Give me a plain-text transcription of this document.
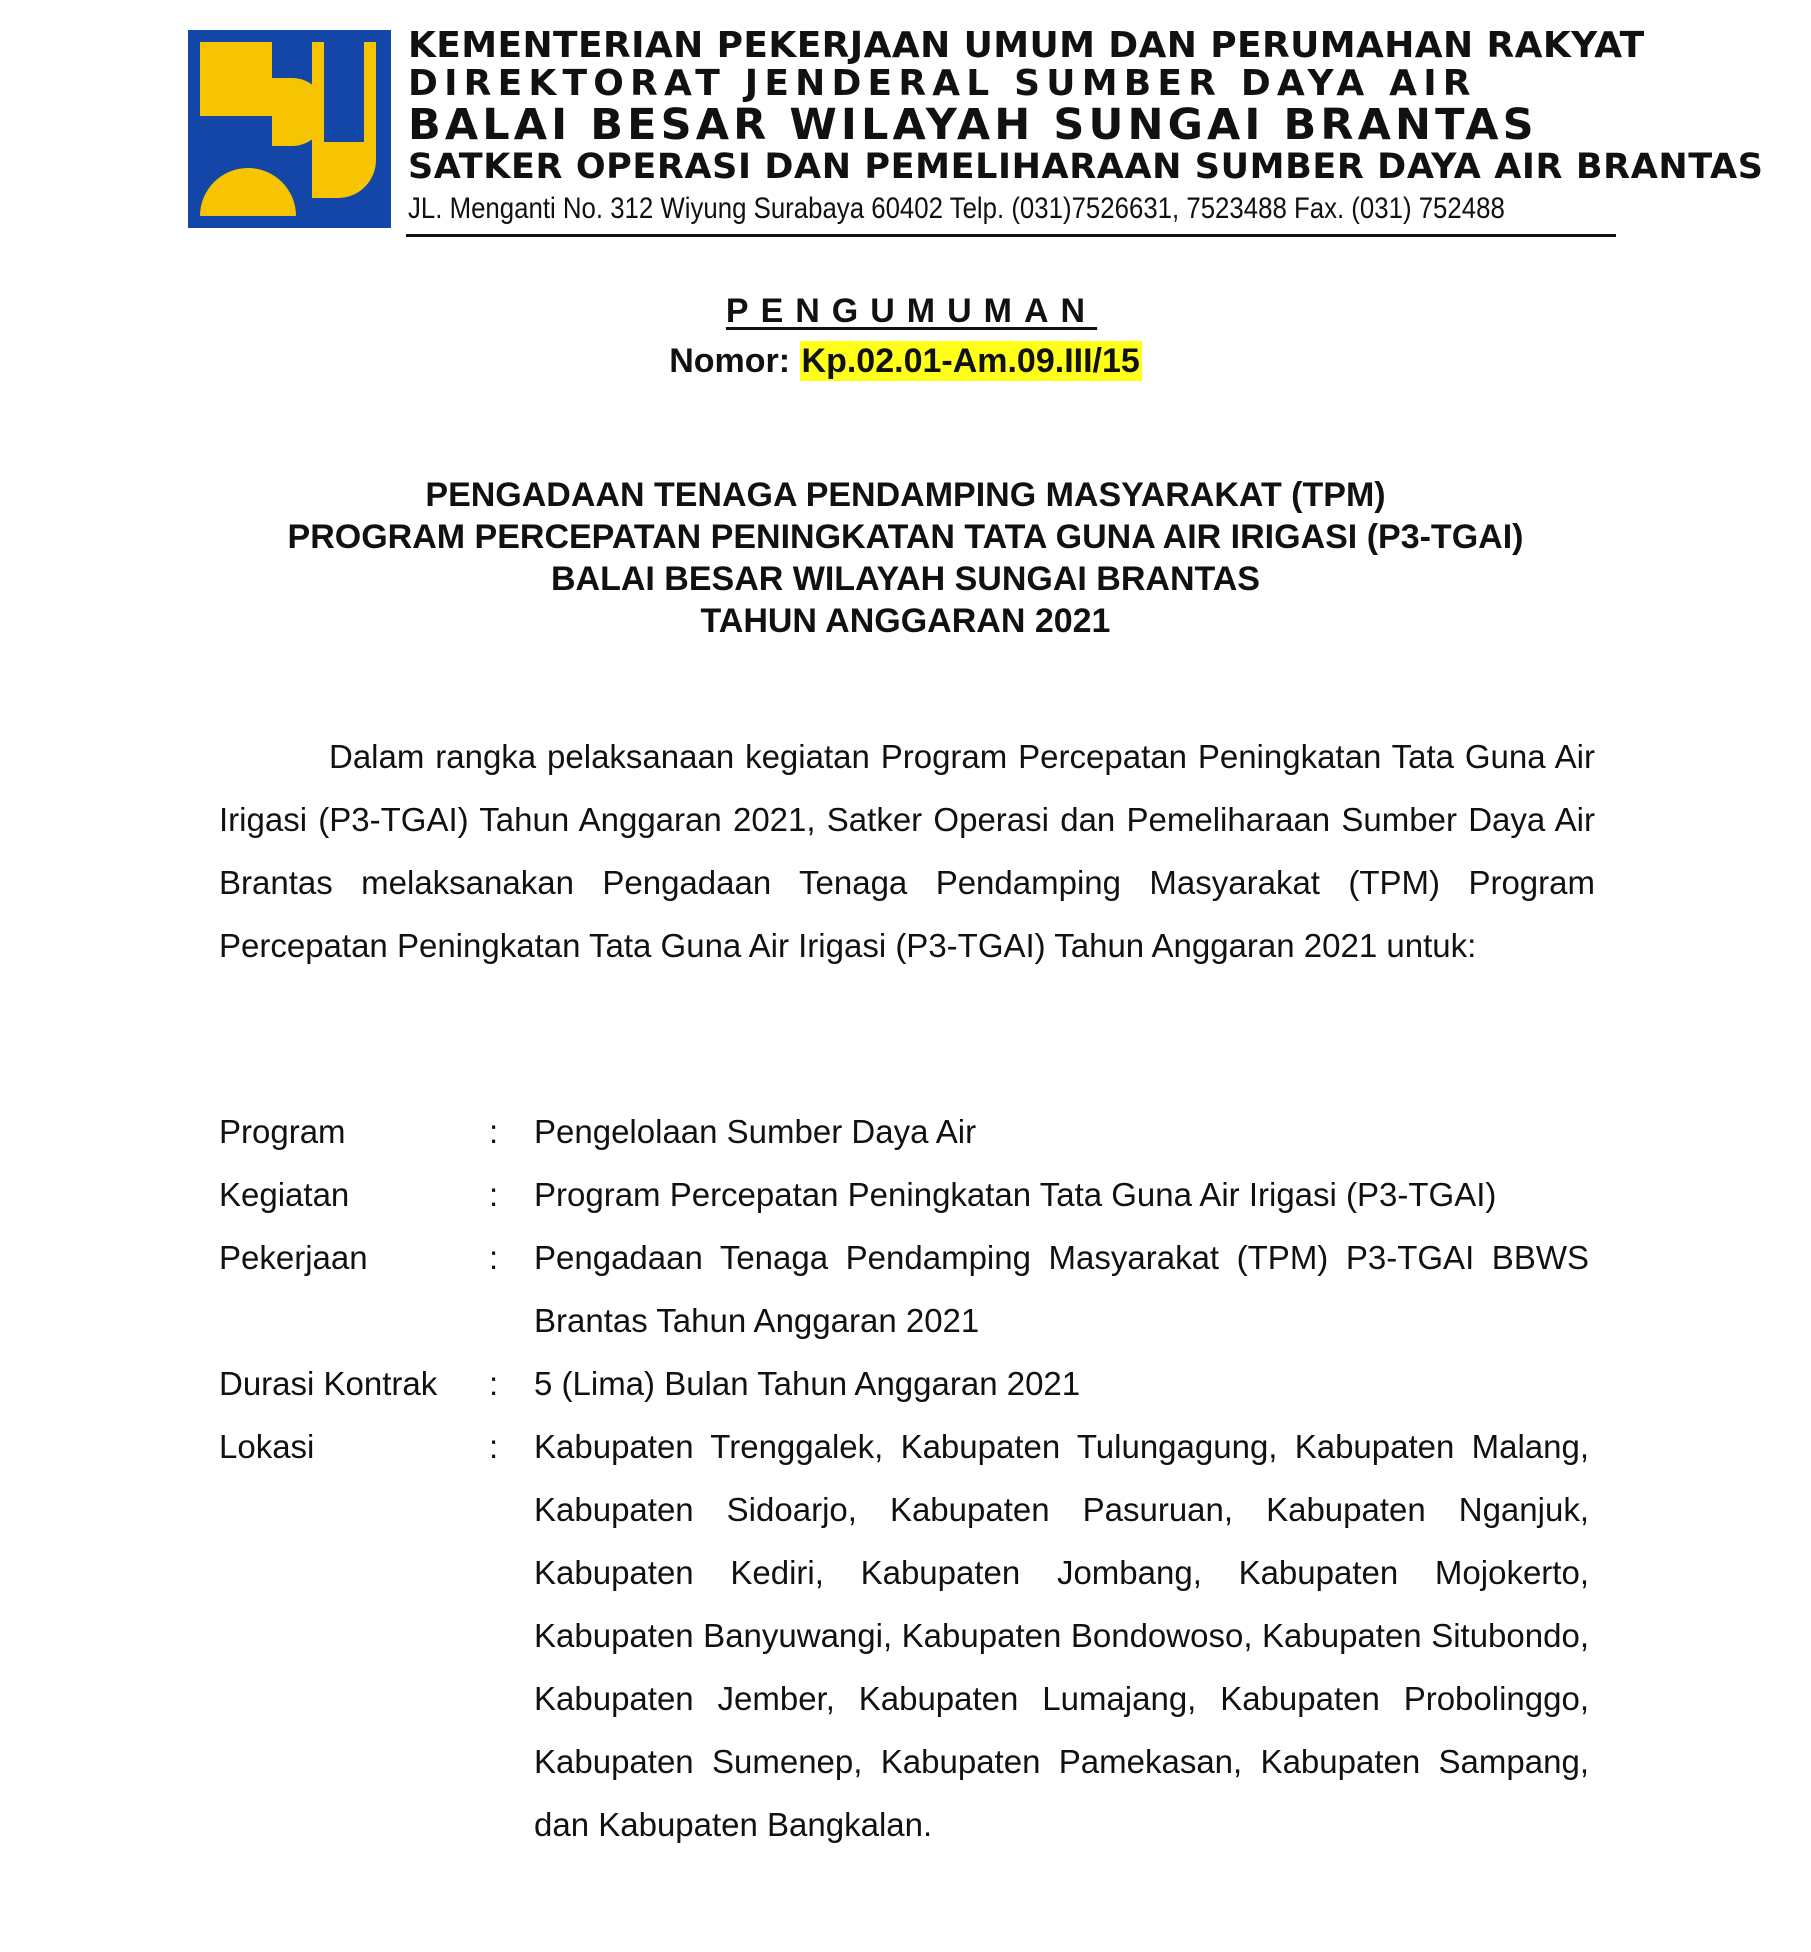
KEMENTERIAN PEKERJAAN UMUM DAN PERUMAHAN RAKYAT
DIREKTORAT JENDERAL SUMBER DAYA AIR
BALAI BESAR WILAYAH SUNGAI BRANTAS
SATKER OPERASI DAN PEMELIHARAAN SUMBER DAYA AIR BRANTAS
JL. Menganti No. 312 Wiyung Surabaya 60402 Telp. (031)7526631, 7523488 Fax. (031) 752488
PENGUMUMAN
Nomor: Kp.02.01-Am.09.III/15
PENGADAAN TENAGA PENDAMPING MASYARAKAT (TPM)
PROGRAM PERCEPATAN PENINGKATAN TATA GUNA AIR IRIGASI (P3-TGAI)
BALAI BESAR WILAYAH SUNGAI BRANTAS
TAHUN ANGGARAN 2021
Dalam rangka pelaksanaan kegiatan Program Percepatan Peningkatan Tata Guna Air Irigasi (P3-TGAI) Tahun Anggaran 2021, Satker Operasi dan Pemeliharaan Sumber Daya Air Brantas melaksanakan Pengadaan Tenaga Pendamping Masyarakat (TPM) Program Percepatan Peningkatan Tata Guna Air Irigasi (P3-TGAI) Tahun Anggaran 2021 untuk:
Program	:	Pengelolaan Sumber Daya Air
Kegiatan	:	Program Percepatan Peningkatan Tata Guna Air Irigasi (P3-TGAI)
Pekerjaan	:	Pengadaan Tenaga Pendamping Masyarakat (TPM) P3-TGAI BBWS Brantas Tahun Anggaran 2021
Durasi Kontrak	:	5 (Lima) Bulan Tahun Anggaran 2021
Lokasi	:	Kabupaten Trenggalek, Kabupaten Tulungagung, Kabupaten Malang, Kabupaten Sidoarjo, Kabupaten Pasuruan, Kabupaten Nganjuk, Kabupaten Kediri, Kabupaten Jombang, Kabupaten Mojokerto, Kabupaten Banyuwangi, Kabupaten Bondowoso, Kabupaten Situbondo, Kabupaten Jember, Kabupaten Lumajang, Kabupaten Probolinggo, Kabupaten Sumenep, Kabupaten Pamekasan, Kabupaten Sampang, dan Kabupaten Bangkalan.
